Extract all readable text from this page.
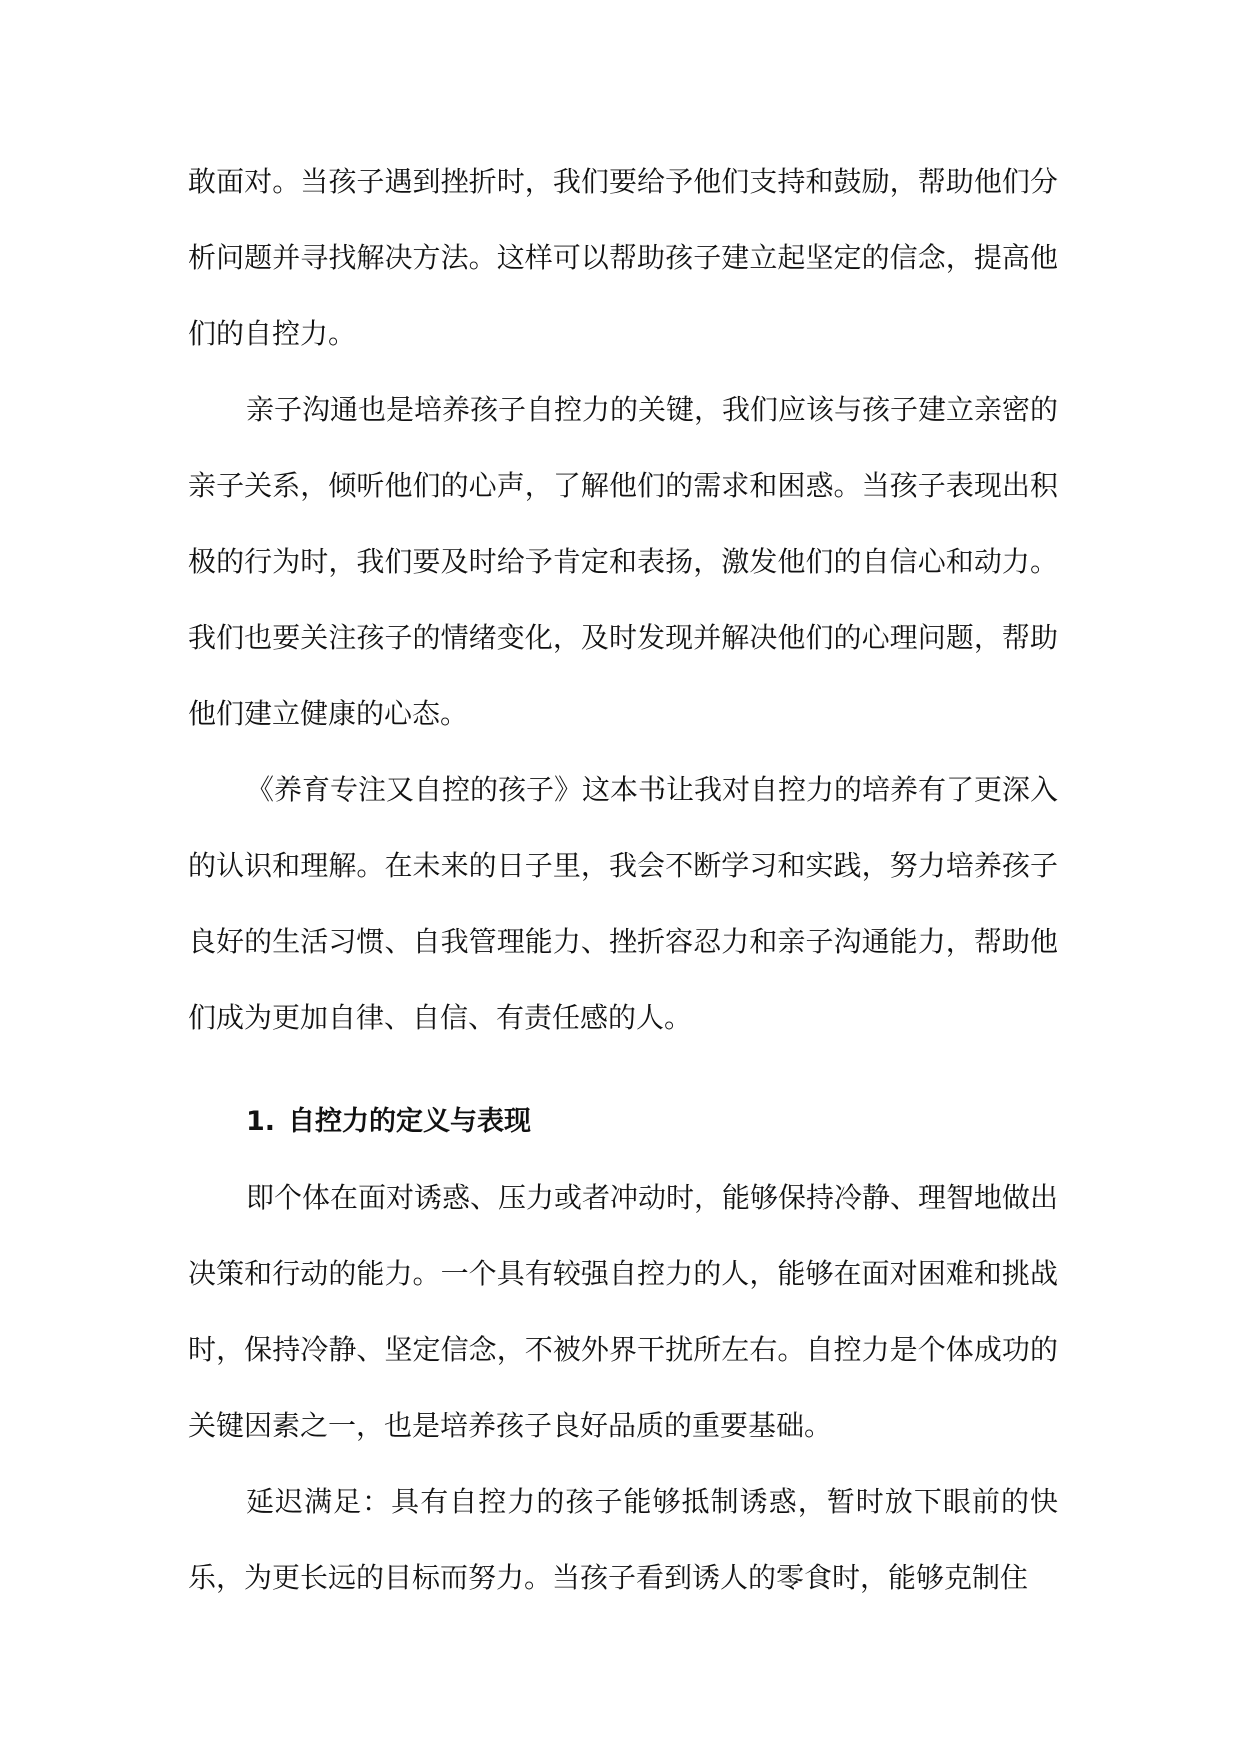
敢面对。当孩子遇到挫折时，我们要给予他们支持和鼓励，帮助他们分析问题并寻找解决方法。这样可以帮助孩子建立起坚定的信念，提高他们的自控力。

亲子沟通也是培养孩子自控力的关键，我们应该与孩子建立亲密的亲子关系，倾听他们的心声，了解他们的需求和困惑。当孩子表现出积极的行为时，我们要及时给予肯定和表扬，激发他们的自信心和动力。我们也要关注孩子的情绪变化，及时发现并解决他们的心理问题，帮助他们建立健康的心态。

《养育专注又自控的孩子》这本书让我对自控力的培养有了更深入的认识和理解。在未来的日子里，我会不断学习和实践，努力培养孩子良好的生活习惯、自我管理能力、挫折容忍力和亲子沟通能力，帮助他们成为更加自律、自信、有责任感的人。

1. 自控力的定义与表现

即个体在面对诱惑、压力或者冲动时，能够保持冷静、理智地做出决策和行动的能力。一个具有较强自控力的人，能够在面对困难和挑战时，保持冷静、坚定信念，不被外界干扰所左右。自控力是个体成功的关键因素之一，也是培养孩子良好品质的重要基础。

延迟满足：具有自控力的孩子能够抵制诱惑，暂时放下眼前的快乐，为更长远的目标而努力。当孩子看到诱人的零食时，能够克制住
